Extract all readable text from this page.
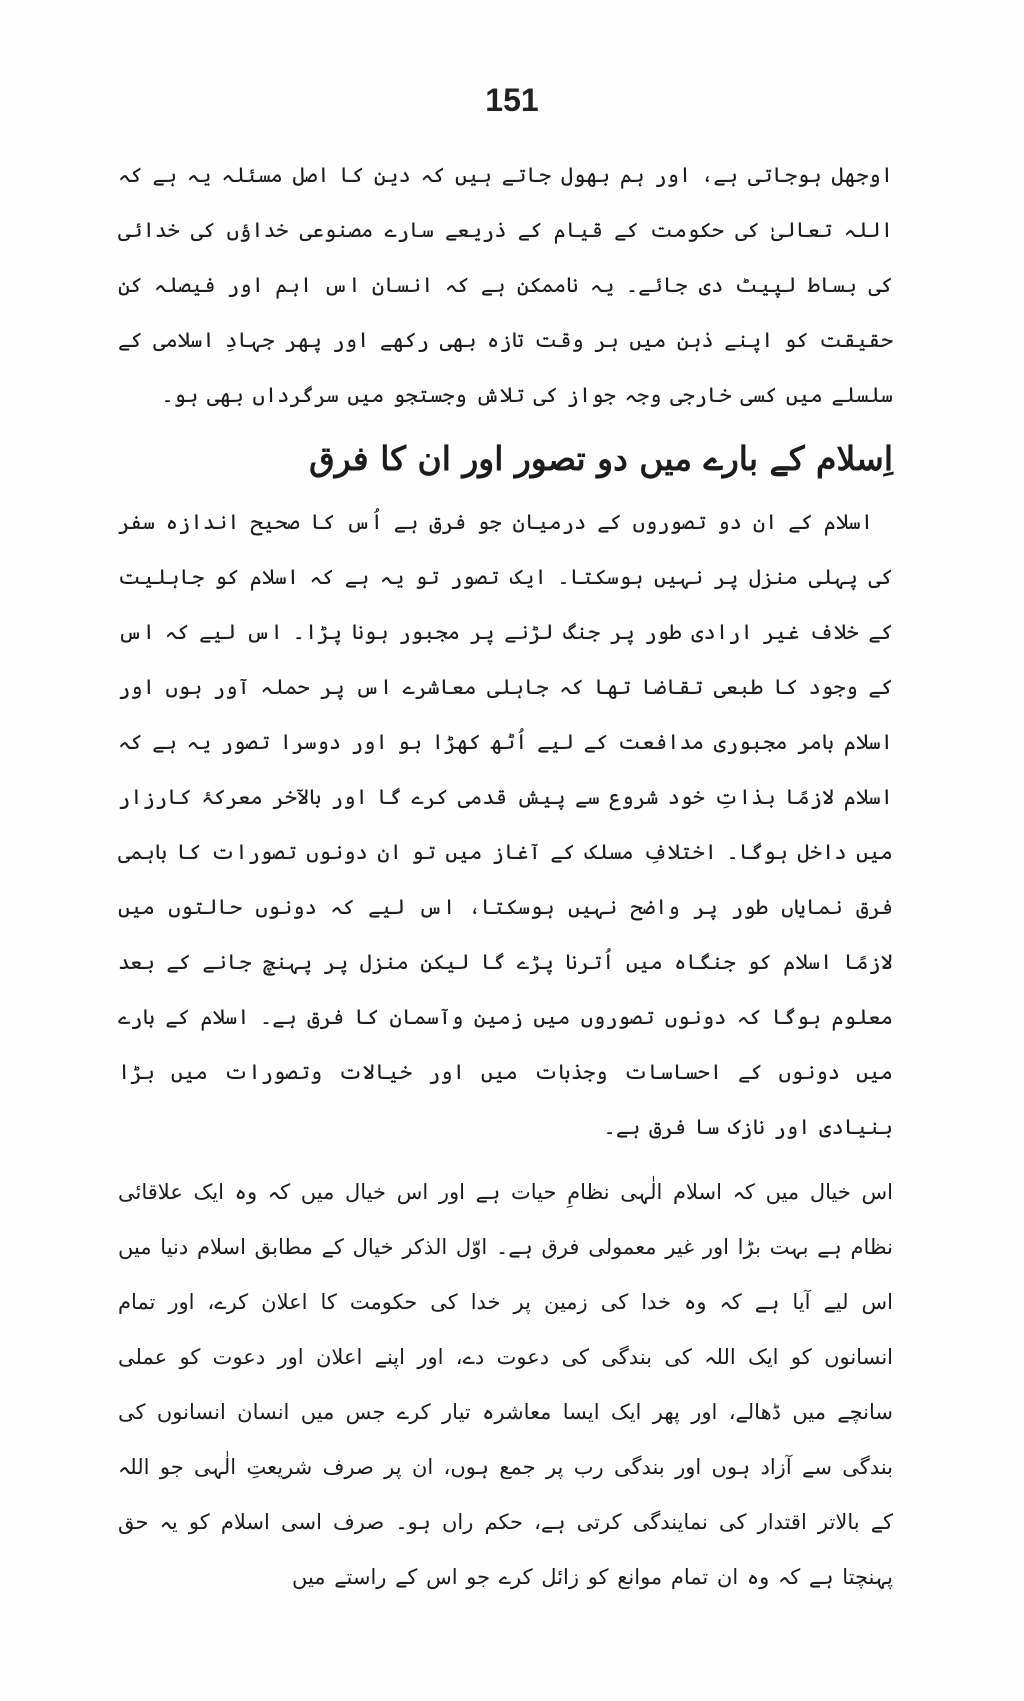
151

اوجھل ہوجاتی ہے، اور ہم بھول جاتے ہیں کہ دین کا اصل مسئلہ یہ ہے کہ اللہ تعالیٰ کی حکومت کے قیام کے ذریعے سارے مصنوعی خداؤں کی خدائی کی بساط لپیٹ دی جائے۔ یہ ناممکن ہے کہ انسان اس اہم اور فیصلہ کن حقیقت کو اپنے ذہن میں ہر وقت تازہ بھی رکھے اور پھر جہادِ اسلامی کے سلسلے میں کسی خارجی وجہ جواز کی تلاش وجستجو میں سرگرداں بھی ہو۔

اِسلام کے بارے میں دو تصور اور ان کا فرق

اسلام کے ان دو تصوروں کے درمیان جو فرق ہے اُس کا صحیح اندازہ سفر کی پہلی منزل پر نہیں ہوسکتا۔ ایک تصور تو یہ ہے کہ اسلام کو جاہلیت کے خلاف غیر ارادی طور پر جنگ لڑنے پر مجبور ہونا پڑا۔ اس لیے کہ اس کے وجود کا طبعی تقاضا تھا کہ جاہلی معاشرے اس پر حملہ آور ہوں اور اسلام بامر مجبوری مدافعت کے لیے اُٹھ کھڑا ہو اور دوسرا تصور یہ ہے کہ اسلام لازمًا بذاتِ خود شروع سے پیش قدمی کرے گا اور بالآخر معرکۂ کارزار میں داخل ہوگا۔ اختلافِ مسلک کے آغاز میں تو ان دونوں تصورات کا باہمی فرق نمایاں طور پر واضح نہیں ہوسکتا، اس لیے کہ دونوں حالتوں میں لازمًا اسلام کو جنگاہ میں اُترنا پڑے گا لیکن منزل پر پہنچ جانے کے بعد معلوم ہوگا کہ دونوں تصوروں میں زمین وآسمان کا فرق ہے۔ اسلام کے بارے میں دونوں کے احساسات وجذبات میں اور خیالات وتصورات میں بڑا بنیادی اور نازک سا فرق ہے۔

اس خیال میں کہ اسلام الٰہی نظامِ حیات ہے اور اس خیال میں کہ وہ ایک علاقائی نظام ہے بہت بڑا اور غیر معمولی فرق ہے۔ اوّل الذکر خیال کے مطابق اسلام دنیا میں اس لیے آیا ہے کہ وہ خدا کی زمین پر خدا کی حکومت کا اعلان کرے، اور تمام انسانوں کو ایک اللہ کی بندگی کی دعوت دے، اور اپنے اعلان اور دعوت کو عملی سانچے میں ڈھالے، اور پھر ایک ایسا معاشرہ تیار کرے جس میں انسان انسانوں کی بندگی سے آزاد ہوں اور بندگی رب پر جمع ہوں، ان پر صرف شریعتِ الٰہی جو اللہ کے بالاتر اقتدار کی نمایندگی کرتی ہے، حکم راں ہو۔ صرف اسی اسلام کو یہ حق پہنچتا ہے کہ وہ ان تمام موانع کو زائل کرے جو اس کے راستے میں
